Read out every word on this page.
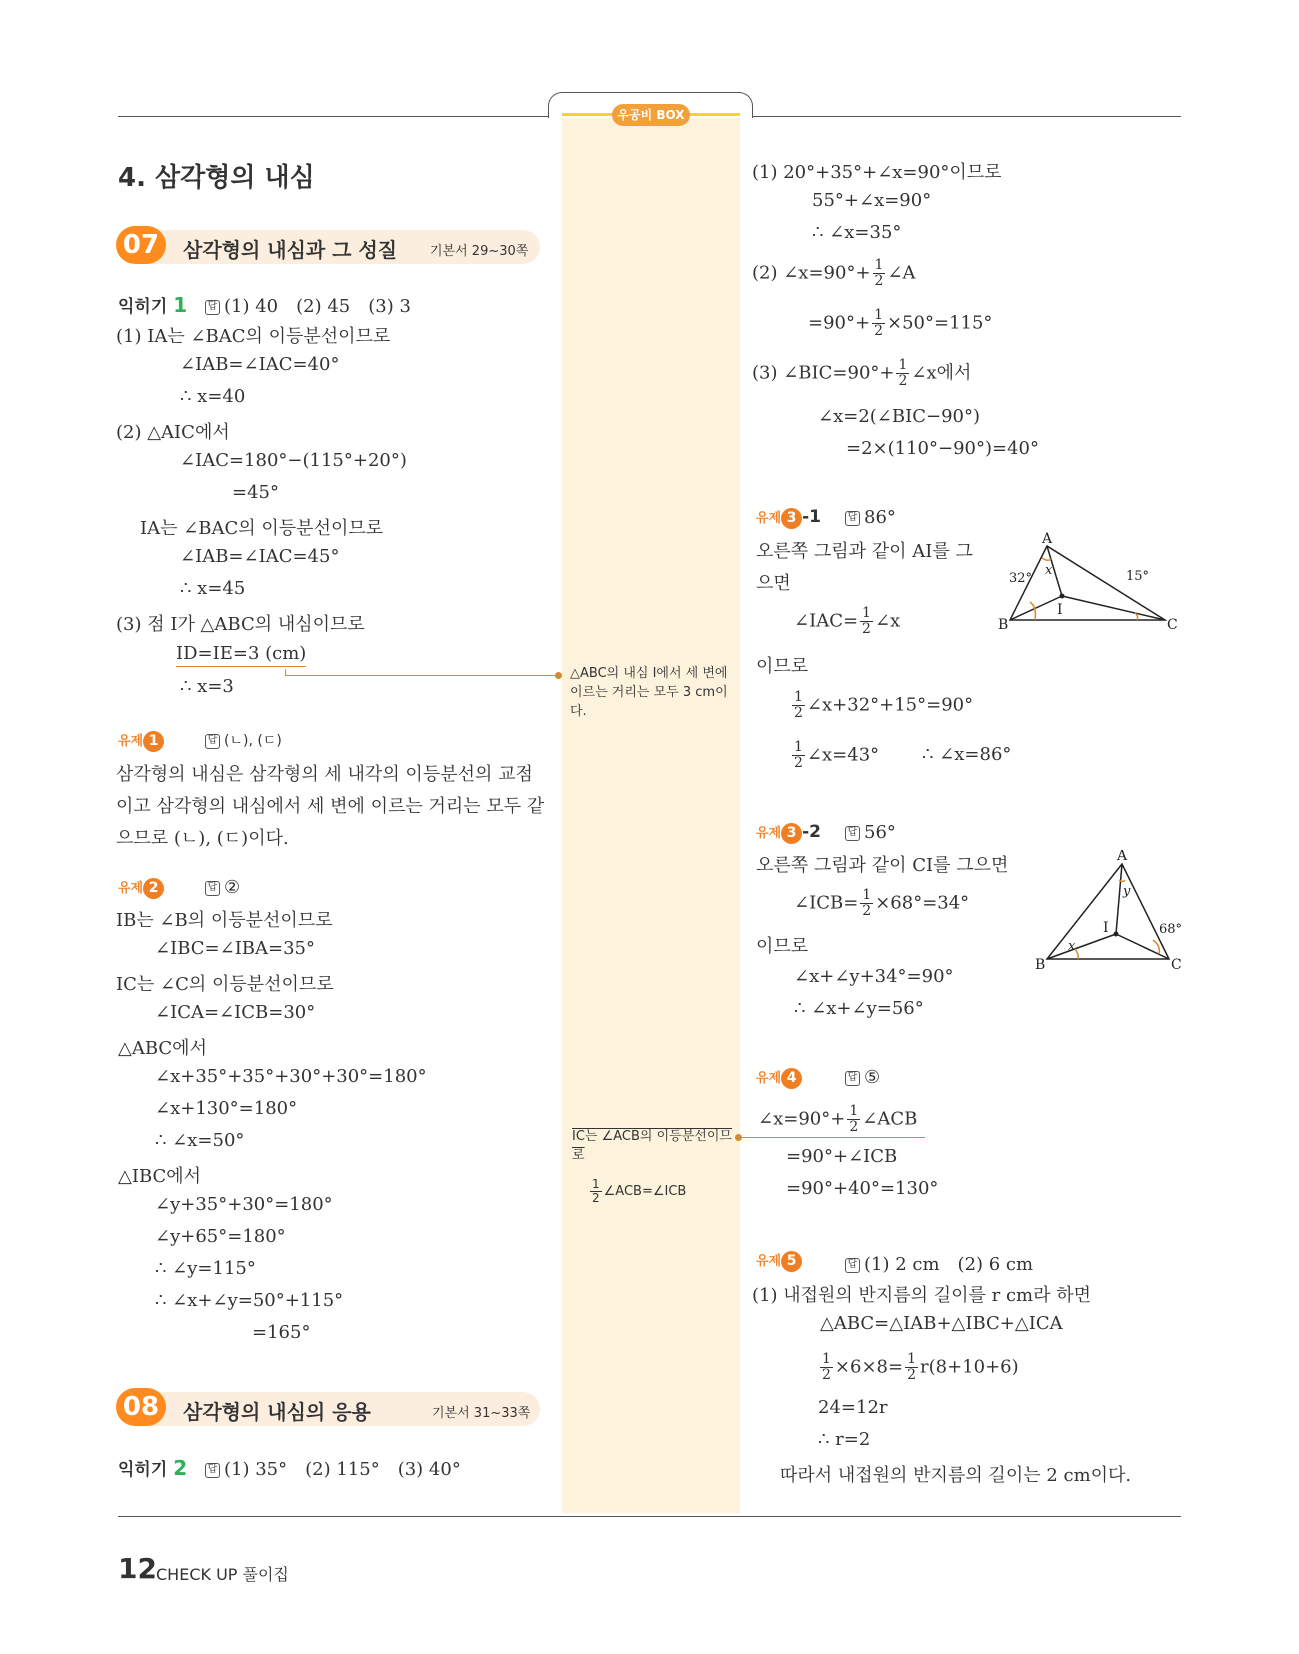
우공비 BOX
4. 삼각형의 내심
07	삼각형의 내심과 그 성질	기본서 29~30쪽
익히기 1 답 (1) 40　(2) 45　(3) 3
(1) IA는 ∠BAC의 이등분선이므로
∠IAB=∠IAC=40°
∴ x=40
(2) △AIC에서
∠IAC=180°−(115°+20°)
=45°
IA는 ∠BAC의 이등분선이므로
∠IAB=∠IAC=45°
∴ x=45
(3) 점 I가 △ABC의 내심이므로
ID=IE=3 (cm)
∴ x=3
△ABC의 내심 I에서 세 변에 이르는 거리는 모두 3 cm이다.
유제 1	답 (ㄴ), (ㄷ)
삼각형의 내심은 삼각형의 세 내각의 이등분선의 교점
이고 삼각형의 내심에서 세 변에 이르는 거리는 모두 같
으므로 (ㄴ), (ㄷ)이다.
유제 2	답 ②
IB는 ∠B의 이등분선이므로
∠IBC=∠IBA=35°
IC는 ∠C의 이등분선이므로
∠ICA=∠ICB=30°
△ABC에서
∠x+35°+35°+30°+30°=180°
∠x+130°=180°
∴ ∠x=50°
△IBC에서
∠y+35°+30°=180°
∠y+65°=180°
∴ ∠y=115°
∴ ∠x+∠y=50°+115°
=165°
08	삼각형의 내심의 응용	기본서 31~33쪽
익히기 2 답 (1) 35°　(2) 115°　(3) 40°
(1) 20°+35°+∠x=90°이므로
55°+∠x=90°
∴ ∠x=35°
(2) ∠x=90°+ $\frac{1}{2}$ ∠A
$=90^\circ+ \frac{1}{2} \times 50^\circ=115^\circ$
(3) ∠BIC=90°+ $\frac{1}{2}$ ∠x에서
∠x=2(∠BIC−90°)
=2×(110°−90°)=40°
유제 3 -1	답 86°
오른쪽 그림과 같이 AI를 그
으면
∠IAC= $\frac{1}{2}$ ∠x
이므로
$\frac{1}{2}$ ∠x+32°+15°=90°
$\frac{1}{2}$ ∠x=43° ∴ ∠x=86°
A
B	C
I
32°	15°
x
유제 3 -2	답 56°
오른쪽 그림과 같이 CI를 그으면
∠ICB= $\frac{1}{2} \times 68^\circ=34^\circ$
이므로
∠x+∠y+34°=90°
∴ ∠x+∠y=56°
A
B	C
I	68°
x
y
유제 4	답 ⑤
∠x=90°+ $\frac{1}{2}$ ∠ACB
=90°+∠ICB
=90°+40°=130°
IC는 ∠ACB의 이등분선이므로
$\frac{1}{2}$ ∠ACB=∠ICB
유제 5	답 (1) 2 cm　(2) 6 cm
(1) 내접원의 반지름의 길이를 r cm라 하면
△ABC=△IAB+△IBC+△ICA
$\frac{1}{2} \times 6\times 8= \frac{1}{2} r(8+10+6)$
24=12r
∴ r=2
따라서 내접원의 반지름의 길이는 2 cm이다.
12 CHECK UP 풀이집
